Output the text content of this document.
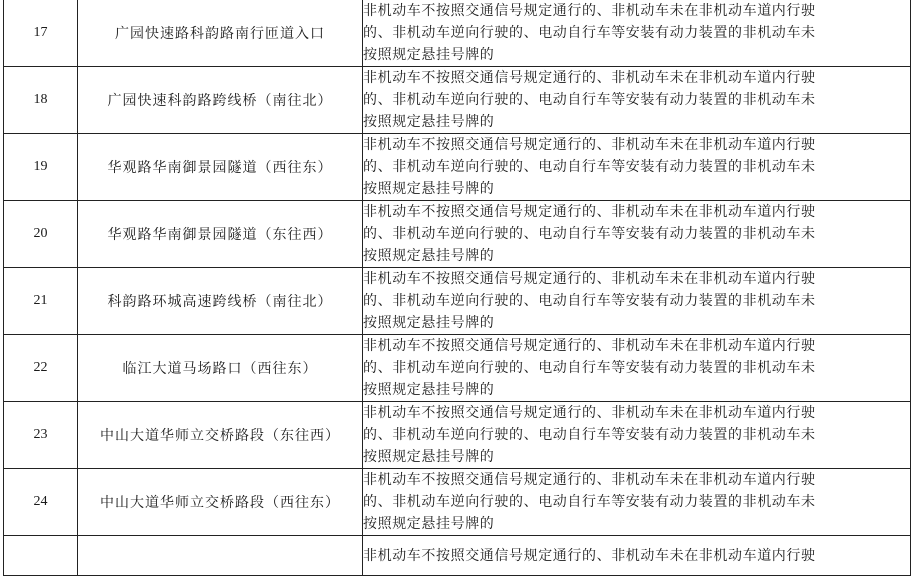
17	广园快速路科韵路南行匝道入口	非机动车不按照交通信号规定通行的、非机动车未在非机动车道内行驶
的、非机动车逆向行驶的、电动自行车等安装有动力装置的非机动车未
按照规定悬挂号牌的

18	广园快速科韵路跨线桥（南往北）	非机动车不按照交通信号规定通行的、非机动车未在非机动车道内行驶
的、非机动车逆向行驶的、电动自行车等安装有动力装置的非机动车未
按照规定悬挂号牌的

19	华观路华南御景园隧道（西往东）	非机动车不按照交通信号规定通行的、非机动车未在非机动车道内行驶
的、非机动车逆向行驶的、电动自行车等安装有动力装置的非机动车未
按照规定悬挂号牌的

20	华观路华南御景园隧道（东往西）	非机动车不按照交通信号规定通行的、非机动车未在非机动车道内行驶
的、非机动车逆向行驶的、电动自行车等安装有动力装置的非机动车未
按照规定悬挂号牌的

21	科韵路环城高速跨线桥（南往北）	非机动车不按照交通信号规定通行的、非机动车未在非机动车道内行驶
的、非机动车逆向行驶的、电动自行车等安装有动力装置的非机动车未
按照规定悬挂号牌的

22	临江大道马场路口（西往东）	非机动车不按照交通信号规定通行的、非机动车未在非机动车道内行驶
的、非机动车逆向行驶的、电动自行车等安装有动力装置的非机动车未
按照规定悬挂号牌的

23	中山大道华师立交桥路段（东往西）	非机动车不按照交通信号规定通行的、非机动车未在非机动车道内行驶
的、非机动车逆向行驶的、电动自行车等安装有动力装置的非机动车未
按照规定悬挂号牌的

24	中山大道华师立交桥路段（西往东）	非机动车不按照交通信号规定通行的、非机动车未在非机动车道内行驶
的、非机动车逆向行驶的、电动自行车等安装有动力装置的非机动车未
按照规定悬挂号牌的

		非机动车不按照交通信号规定通行的、非机动车未在非机动车道内行驶
